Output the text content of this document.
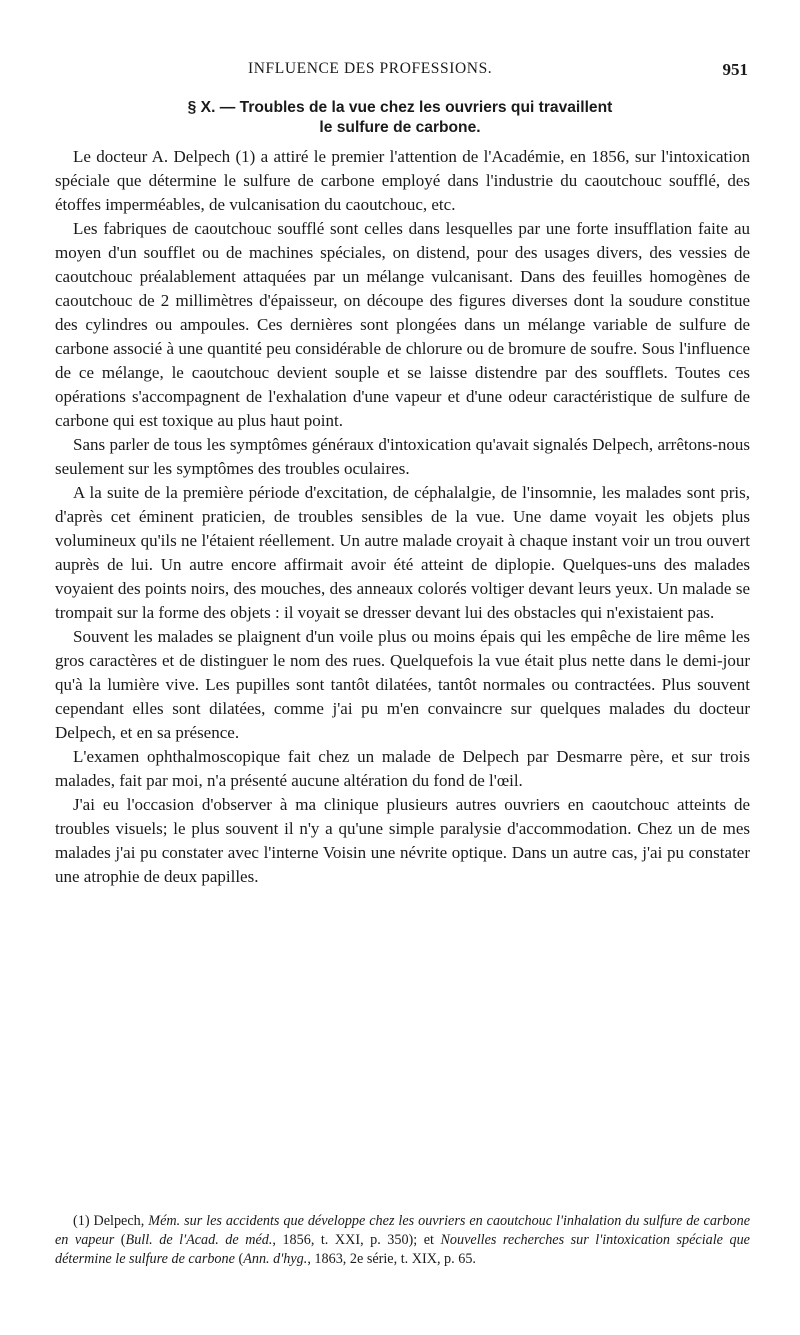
INFLUENCE DES PROFESSIONS.	951
§ X. — Troubles de la vue chez les ouvriers qui travaillent
le sulfure de carbone.

Le docteur A. Delpech (1) a attiré le premier l'attention de l'Académie, en 1856, sur l'intoxication spéciale que détermine le sulfure de carbone employé dans l'industrie du caoutchouc soufflé, des étoffes imperméables, de vulcanisation du caoutchouc, etc.

Les fabriques de caoutchouc soufflé sont celles dans lesquelles par une forte insufflation faite au moyen d'un soufflet ou de machines spéciales, on distend, pour des usages divers, des vessies de caoutchouc préalablement attaquées par un mélange vulcanisant. Dans des feuilles homogènes de caoutchouc de 2 millimètres d'épaisseur, on découpe des figures diverses dont la soudure constitue des cylindres ou ampoules. Ces dernières sont plongées dans un mélange variable de sulfure de carbone associé à une quantité peu considérable de chlorure ou de bromure de soufre. Sous l'influence de ce mélange, le caoutchouc devient souple et se laisse distendre par des soufflets. Toutes ces opérations s'accompagnent de l'exhalation d'une vapeur et d'une odeur caractéristique de sulfure de carbone qui est toxique au plus haut point.

Sans parler de tous les symptômes généraux d'intoxication qu'avait signalés Delpech, arrêtons-nous seulement sur les symptômes des troubles oculaires.

A la suite de la première période d'excitation, de céphalalgie, de l'insomnie, les malades sont pris, d'après cet éminent praticien, de troubles sensibles de la vue. Une dame voyait les objets plus volumineux qu'ils ne l'étaient réellement. Un autre malade croyait à chaque instant voir un trou ouvert auprès de lui. Un autre encore affirmait avoir été atteint de diplopie. Quelques-uns des malades voyaient des points noirs, des mouches, des anneaux colorés voltiger devant leurs yeux. Un malade se trompait sur la forme des objets : il voyait se dresser devant lui des obstacles qui n'existaient pas.

Souvent les malades se plaignent d'un voile plus ou moins épais qui les empêche de lire même les gros caractères et de distinguer le nom des rues. Quelquefois la vue était plus nette dans le demi-jour qu'à la lumière vive. Les pupilles sont tantôt dilatées, tantôt normales ou contractées. Plus souvent cependant elles sont dilatées, comme j'ai pu m'en convaincre sur quelques malades du docteur Delpech, et en sa présence.

L'examen ophthalmoscopique fait chez un malade de Delpech par Desmarre père, et sur trois malades, fait par moi, n'a présenté aucune altération du fond de l'œil.

J'ai eu l'occasion d'observer à ma clinique plusieurs autres ouvriers en caoutchouc atteints de troubles visuels; le plus souvent il n'y a qu'une simple paralysie d'accommodation. Chez un de mes malades j'ai pu constater avec l'interne Voisin une névrite optique. Dans un autre cas, j'ai pu constater une atrophie de deux papilles.

(1) Delpech, Mém. sur les accidents que développe chez les ouvriers en caoutchouc l'inhalation du sulfure de carbone en vapeur (Bull. de l'Acad. de méd., 1856, t. XXI, p. 350); et Nouvelles recherches sur l'intoxication spéciale que détermine le sulfure de carbone (Ann. d'hyg., 1863, 2e série, t. XIX, p. 65.
